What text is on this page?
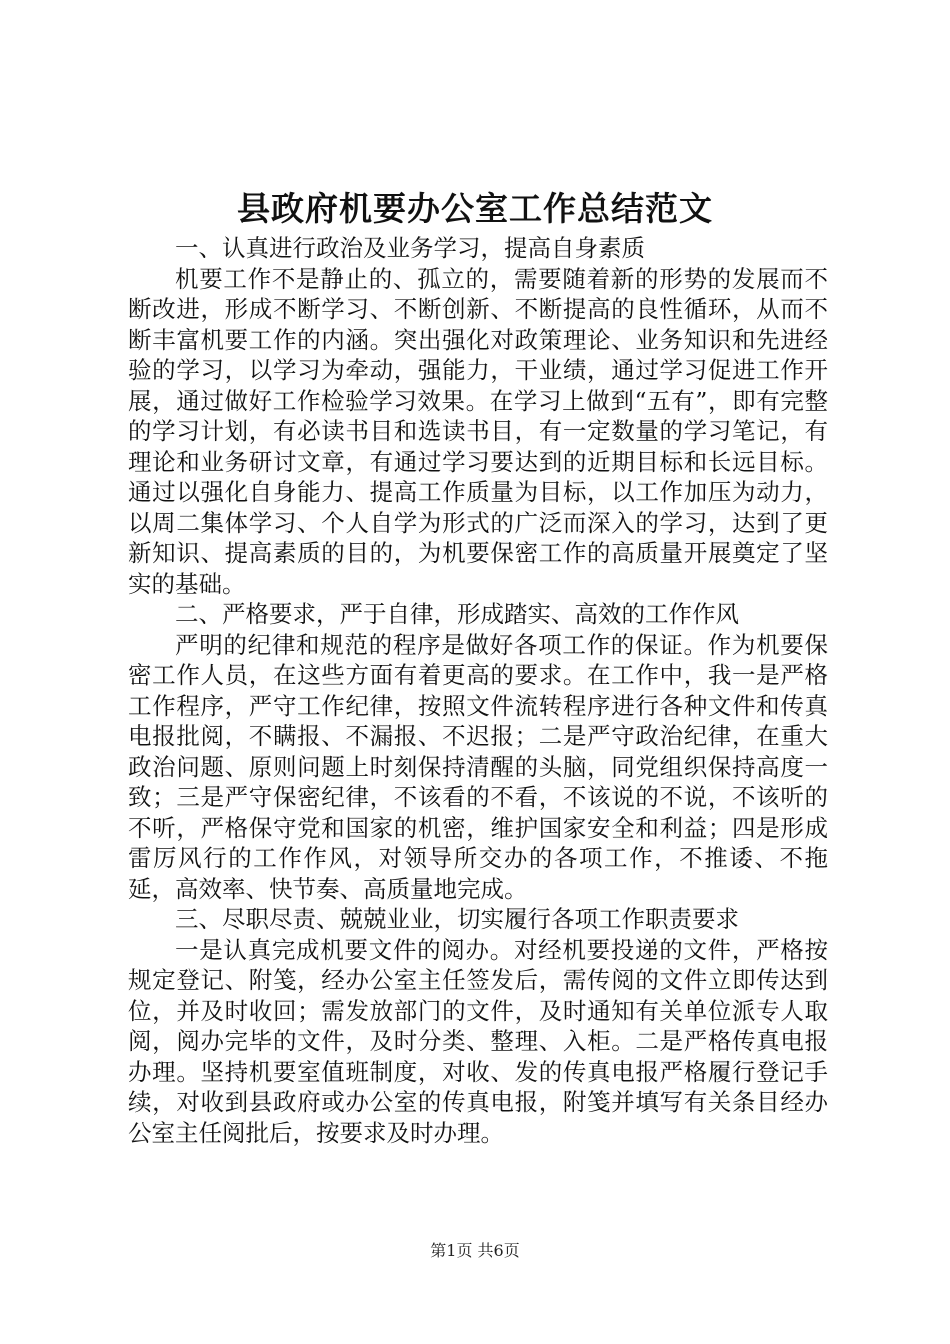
县政府机要办公室工作总结范文

一、认真进行政治及业务学习，提高自身素质

机要工作不是静止的、孤立的，需要随着新的形势的发展而不断改进，形成不断学习、不断创新、不断提高的良性循环，从而不断丰富机要工作的内涵。突出强化对政策理论、业务知识和先进经验的学习，以学习为牵动，强能力，干业绩，通过学习促进工作开展，通过做好工作检验学习效果。在学习上做到“五有”，即有完整的学习计划，有必读书目和选读书目，有一定数量的学习笔记，有理论和业务研讨文章，有通过学习要达到的近期目标和长远目标。通过以强化自身能力、提高工作质量为目标，以工作加压为动力，以周二集体学习、个人自学为形式的广泛而深入的学习，达到了更新知识、提高素质的目的，为机要保密工作的高质量开展奠定了坚实的基础。

二、严格要求，严于自律，形成踏实、高效的工作作风

严明的纪律和规范的程序是做好各项工作的保证。作为机要保密工作人员，在这些方面有着更高的要求。在工作中，我一是严格工作程序，严守工作纪律，按照文件流转程序进行各种文件和传真电报批阅，不瞒报、不漏报、不迟报；二是严守政治纪律，在重大政治问题、原则问题上时刻保持清醒的头脑，同党组织保持高度一致；三是严守保密纪律，不该看的不看，不该说的不说，不该听的不听，严格保守党和国家的机密，维护国家安全和利益；四是形成雷厉风行的工作作风，对领导所交办的各项工作，不推诿、不拖延，高效率、快节奏、高质量地完成。

三、尽职尽责、兢兢业业，切实履行各项工作职责要求

一是认真完成机要文件的阅办。对经机要投递的文件，严格按规定登记、附笺，经办公室主任签发后，需传阅的文件立即传达到位，并及时收回；需发放部门的文件，及时通知有关单位派专人取阅，阅办完毕的文件，及时分类、整理、入柜。二是严格传真电报办理。坚持机要室值班制度，对收、发的传真电报严格履行登记手续，对收到县政府或办公室的传真电报，附笺并填写有关条目经办公室主任阅批后，按要求及时办理。

第1页 共6页
